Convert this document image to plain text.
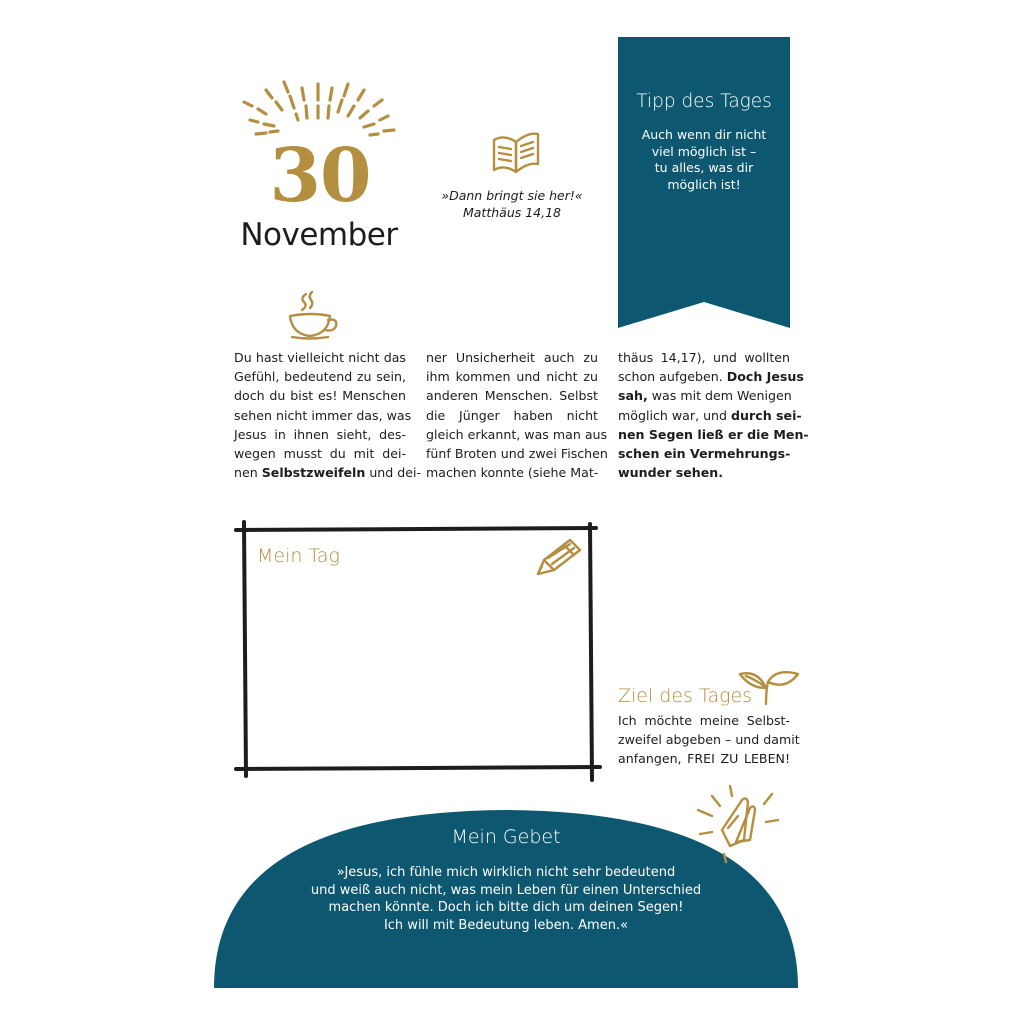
30
November
»Dann bringt sie her!«
Matthäus 14,18
Tipp des Tages
Auch wenn dir nicht
viel möglich ist –
tu alles, was dir
möglich ist!
Du hast vielleicht nicht das
Gefühl, bedeutend zu sein,
doch du bist es! Menschen
sehen nicht immer das, was
Jesus in ihnen sieht, des-
wegen musst du mit dei-
nen Selbstzweifeln und dei-
ner Unsicherheit auch zu
ihm kommen und nicht zu
anderen Menschen. Selbst
die Jünger haben nicht
gleich erkannt, was man aus
fünf Broten und zwei Fischen
machen konnte (siehe Mat-
thäus 14,17), und wollten
schon aufgeben. Doch Jesus
sah, was mit dem Wenigen
möglich war, und durch sei-
nen Segen ließ er die Men-
schen ein Vermehrungs-
wunder sehen.
Mein Tag
Ziel des Tages
Ich möchte meine Selbst-
zweifel abgeben – und damit
anfangen, FREI ZU LEBEN!
Mein Gebet
»Jesus, ich fühle mich wirklich nicht sehr bedeutend
und weiß auch nicht, was mein Leben für einen Unterschied
machen könnte. Doch ich bitte dich um deinen Segen!
Ich will mit Bedeutung leben. Amen.«
